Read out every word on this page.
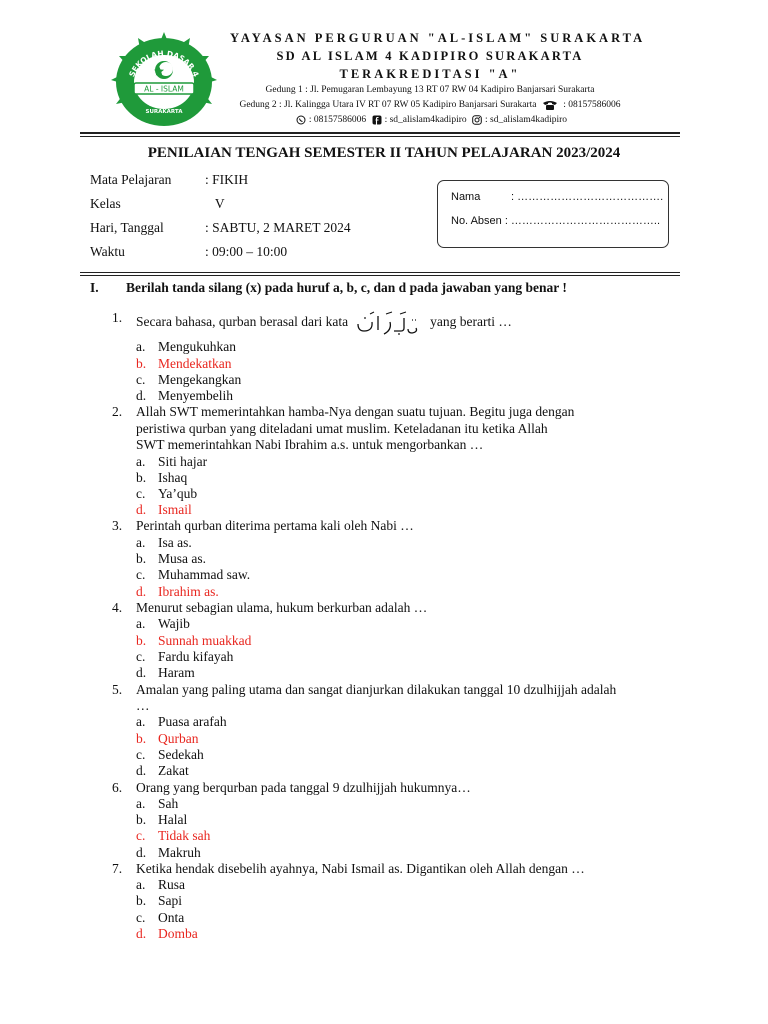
SEKOLAH DASAR 4
AL - ISLAM
KADIPIRO
SURAKARTA
YAYASAN PERGURUAN "AL-ISLAM" SURAKARTA
SD AL ISLAM 4 KADIPIRO SURAKARTA
TERAKREDITASI "A"
Gedung 1 : Jl. Pemugaran Lembayung 13 RT 07 RW 04 Kadipiro Banjarsari Surakarta
Gedung 2 : Jl. Kalingga Utara IV RT 07 RW 05 Kadipiro Banjarsari Surakarta	: 08157586006
: 08157586006 : sd_alislam4kadipiro : sd_alislam4kadipiro
PENILAIAN TENGAH SEMESTER II TAHUN PELAJARAN 2023/2024
Mata Pelajaran : FIKIH
Kelas	V
Hari, Tanggal	: SABTU, 2 MARET 2024
Waktu	: 09:00 – 10:00
Nama	: ………………………………….
No. Absen : …………………………………..
I. Berilah tanda silang (x) pada huruf a, b, c, dan d pada jawaban yang benar !
1. Secara bahasa, qurban berasal dari kata	yang berarti …
a. Mengukuhkan
b. Mendekatkan
c. Mengekangkan
d. Menyembelih
2. Allah SWT memerintahkan hamba-Nya dengan suatu tujuan. Begitu juga dengan
peristiwa qurban yang diteladani umat muslim. Keteladanan itu ketika Allah
SWT memerintahkan Nabi Ibrahim a.s. untuk mengorbankan …
a. Siti hajar
b. Ishaq
c. Ya’qub
d. Ismail
3. Perintah qurban diterima pertama kali oleh Nabi …
a. Isa as.
b. Musa as.
c. Muhammad saw.
d. Ibrahim as.
4. Menurut sebagian ulama, hukum berkurban adalah …
a. Wajib
b. Sunnah muakkad
c. Fardu kifayah
d. Haram
5. Amalan yang paling utama dan sangat dianjurkan dilakukan tanggal 10 dzulhijjah adalah
…
a. Puasa arafah
b. Qurban
c. Sedekah
d. Zakat
6. Orang yang berqurban pada tanggal 9 dzulhijjah hukumnya…
a. Sah
b. Halal
c. Tidak sah
d. Makruh
7. Ketika hendak disebelih ayahnya, Nabi Ismail as. Digantikan oleh Allah dengan …
a. Rusa
b. Sapi
c. Onta
d. Domba
